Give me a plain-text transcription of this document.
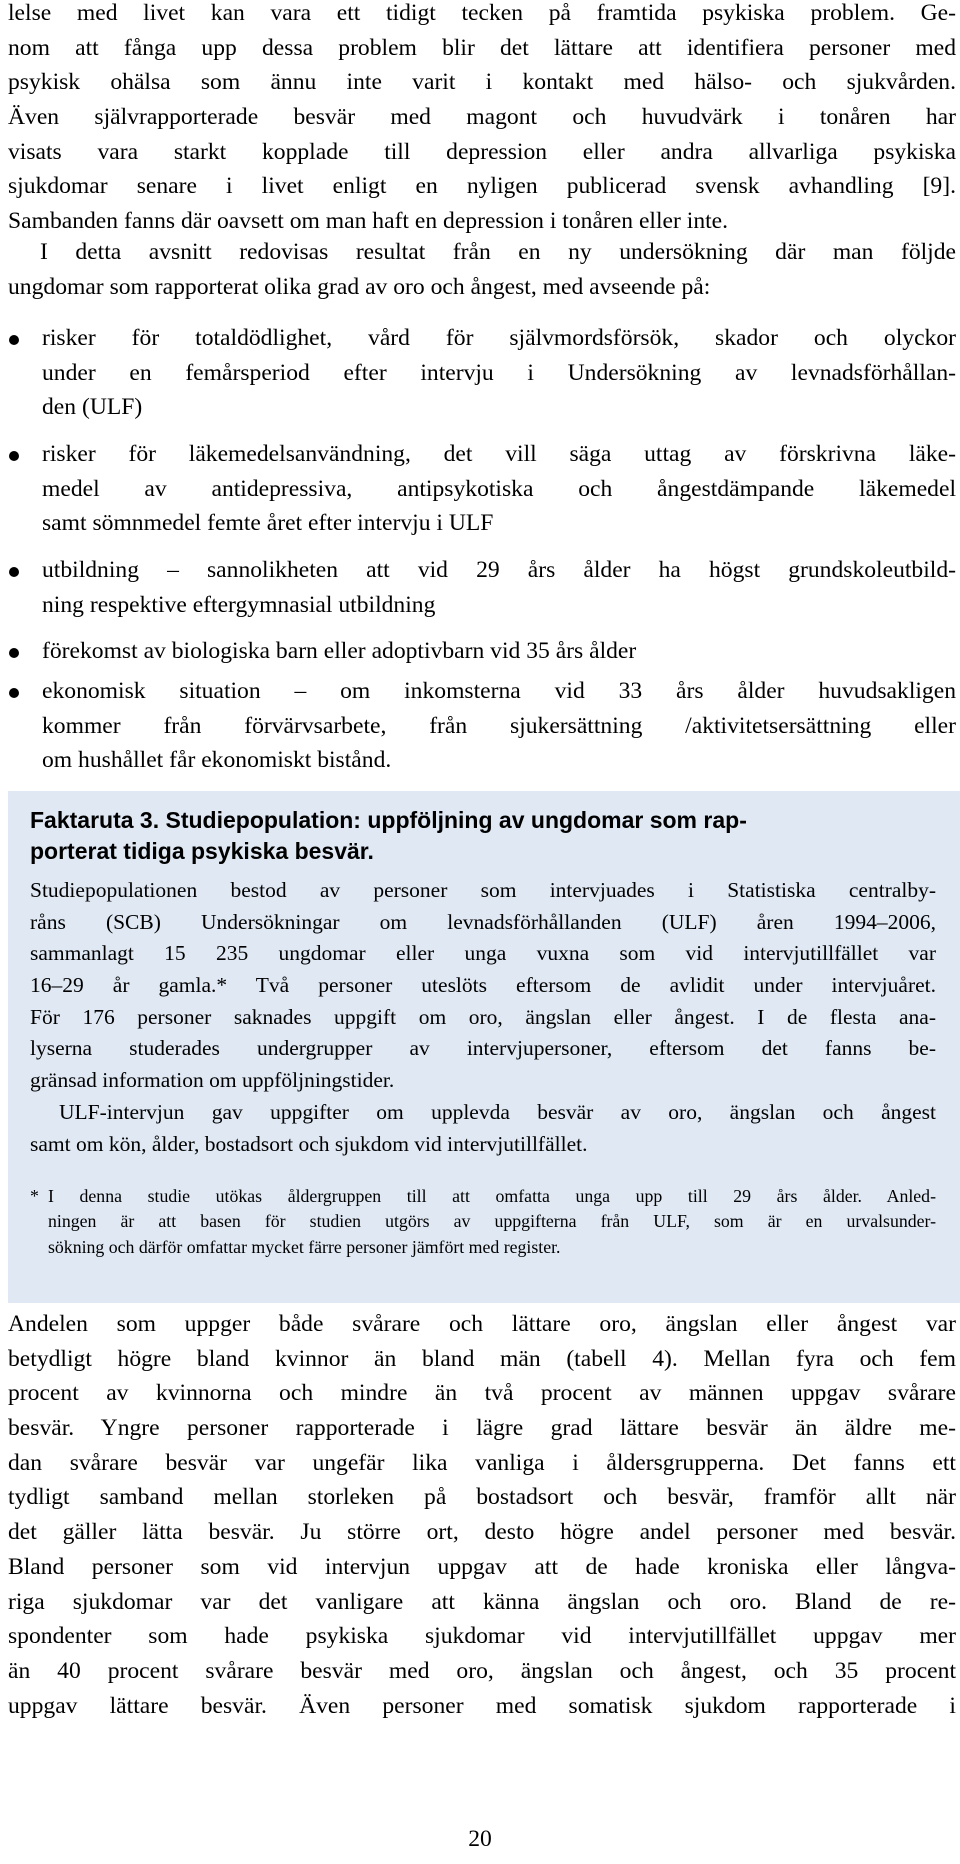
lelse med livet kan vara ett tidigt tecken på framtida psykiska problem. Ge-
nom att fånga upp dessa problem blir det lättare att identifiera personer med
psykisk ohälsa som ännu inte varit i kontakt med hälso- och sjukvården.
Även självrapporterade besvär med magont och huvudvärk i tonåren har
visats vara starkt kopplade till depression eller andra allvarliga psykiska
sjukdomar senare i livet enligt en nyligen publicerad svensk avhandling [9].
Sambanden fanns där oavsett om man haft en depression i tonåren eller inte.
I detta avsnitt redovisas resultat från en ny undersökning där man följde
ungdomar som rapporterat olika grad av oro och ångest, med avseende på:
risker för totaldödlighet, vård för självmordsförsök, skador och olyckor
under en femårsperiod efter intervju i Undersökning av levnadsförhållan-
den (ULF)
risker för läkemedelsanvändning, det vill säga uttag av förskrivna läke-
medel av antidepressiva, antipsykotiska och ångestdämpande läkemedel
samt sömnmedel femte året efter intervju i ULF
utbildning – sannolikheten att vid 29 års ålder ha högst grundskoleutbild-
ning respektive eftergymnasial utbildning
förekomst av biologiska barn eller adoptivbarn vid 35 års ålder
ekonomisk situation – om inkomsterna vid 33 års ålder huvudsakligen
kommer från förvärvsarbete, från sjukersättning /aktivitetsersättning eller
om hushållet får ekonomiskt bistånd.
Faktaruta 3. Studiepopulation: uppföljning av ungdomar som rap-
porterat tidiga psykiska besvär.
Studiepopulationen bestod av personer som intervjuades i Statistiska centralby-
råns (SCB) Undersökningar om levnadsförhållanden (ULF) åren 1994–2006,
sammanlagt 15 235 ungdomar eller unga vuxna som vid intervjutillfället var
16–29 år gamla.* Två personer uteslöts eftersom de avlidit under intervjuåret.
För 176 personer saknades uppgift om oro, ängslan eller ångest. I de flesta ana-
lyserna studerades undergrupper av intervjupersoner, eftersom det fanns be-
gränsad information om uppföljningstider.
ULF-intervjun gav uppgifter om upplevda besvär av oro, ängslan och ångest
samt om kön, ålder, bostadsort och sjukdom vid intervjutillfället.
* I denna studie utökas åldergruppen till att omfatta unga upp till 29 års ålder. Anled-
ningen är att basen för studien utgörs av uppgifterna från ULF, som är en urvalsunder-
sökning och därför omfattar mycket färre personer jämfört med register.
Andelen som uppger både svårare och lättare oro, ängslan eller ångest var
betydligt högre bland kvinnor än bland män (tabell 4). Mellan fyra och fem
procent av kvinnorna och mindre än två procent av männen uppgav svårare
besvär. Yngre personer rapporterade i lägre grad lättare besvär än äldre me-
dan svårare besvär var ungefär lika vanliga i åldersgrupperna. Det fanns ett
tydligt samband mellan storleken på bostadsort och besvär, framför allt när
det gäller lätta besvär. Ju större ort, desto högre andel personer med besvär.
Bland personer som vid intervjun uppgav att de hade kroniska eller långva-
riga sjukdomar var det vanligare att känna ängslan och oro. Bland de re-
spondenter som hade psykiska sjukdomar vid intervjutillfället uppgav mer
än 40 procent svårare besvär med oro, ängslan och ångest, och 35 procent
uppgav lättare besvär. Även personer med somatisk sjukdom rapporterade i
20
